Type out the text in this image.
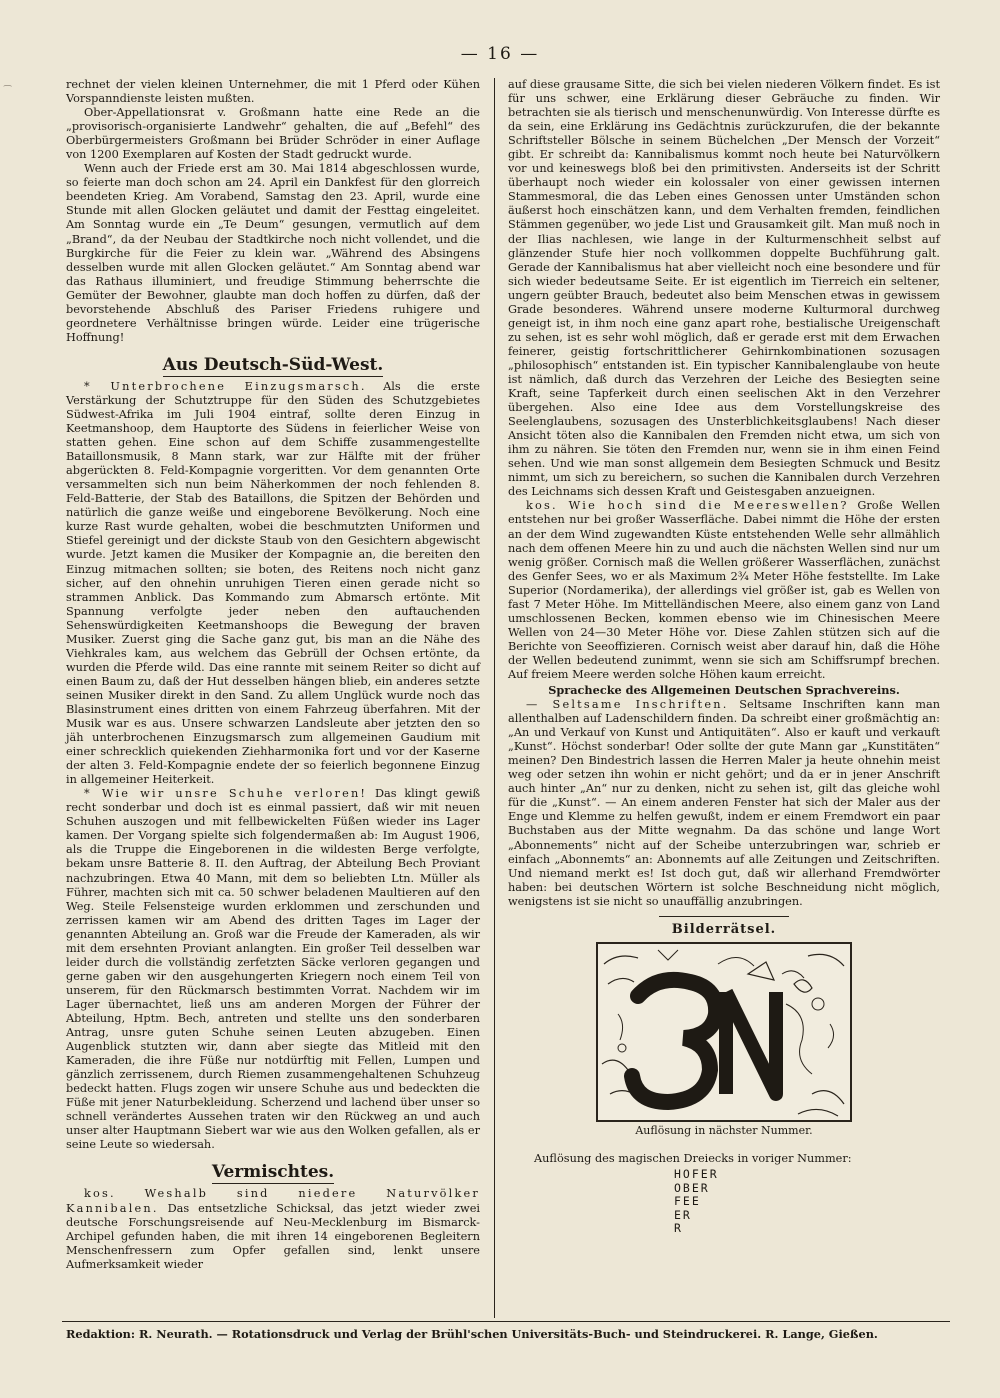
⁀
— 16 —

rechnet der vielen kleinen Unternehmer, die mit 1 Pferd oder Kühen Vorspanndienste leisten mußten.

Ober-Appellationsrat v. Großmann hatte eine Rede an die „provisorisch-organisierte Landwehr“ gehalten, die auf „Befehl“ des Oberbürgermeisters Großmann bei Brüder Schröder in einer Auflage von 1200 Exemplaren auf Kosten der Stadt gedruckt wurde.

Wenn auch der Friede erst am 30. Mai 1814 abgeschlossen wurde, so feierte man doch schon am 24. April ein Dankfest für den glorreich beendeten Krieg. Am Vorabend, Samstag den 23. April, wurde eine Stunde mit allen Glocken geläutet und damit der Festtag eingeleitet. Am Sonntag wurde ein „Te Deum“ gesungen, vermutlich auf dem „Brand“, da der Neubau der Stadtkirche noch nicht vollendet, und die Burgkirche für die Feier zu klein war. „Während des Absingens desselben wurde mit allen Glocken geläutet.“ Am Sonntag abend war das Rathaus illuminiert, und freudige Stimmung beherrschte die Gemüter der Bewohner, glaubte man doch hoffen zu dürfen, daß der bevorstehende Abschluß des Pariser Friedens ruhigere und geordnetere Verhältnisse bringen würde. Leider eine trügerische Hoffnung!

Aus Deutsch-Süd-West.

* Unterbrochene Einzugsmarsch. Als die erste Verstärkung der Schutztruppe für den Süden des Schutzgebietes Südwest-Afrika im Juli 1904 eintraf, sollte deren Einzug in Keetmanshoop, dem Hauptorte des Südens in feierlicher Weise von statten gehen. Eine schon auf dem Schiffe zusammengestellte Bataillonsmusik, 8 Mann stark, war zur Hälfte mit der früher abgerückten 8. Feld-Kompagnie vorgeritten. Vor dem genannten Orte versammelten sich nun beim Näherkommen der noch fehlenden 8. Feld-Batterie, der Stab des Bataillons, die Spitzen der Behörden und natürlich die ganze weiße und eingeborene Bevölkerung. Noch eine kurze Rast wurde gehalten, wobei die beschmutzten Uniformen und Stiefel gereinigt und der dickste Staub von den Gesichtern abgewischt wurde. Jetzt kamen die Musiker der Kompagnie an, die bereiten den Einzug mitmachen sollten; sie boten, des Reitens noch nicht ganz sicher, auf den ohnehin unruhigen Tieren einen gerade nicht so strammen Anblick. Das Kommando zum Abmarsch ertönte. Mit Spannung verfolgte jeder neben den auftauchenden Sehenswürdigkeiten Keetmanshoops die Bewegung der braven Musiker. Zuerst ging die Sache ganz gut, bis man an die Nähe des Viehkrales kam, aus welchem das Gebrüll der Ochsen ertönte, da wurden die Pferde wild. Das eine rannte mit seinem Reiter so dicht auf einen Baum zu, daß der Hut desselben hängen blieb, ein anderes setzte seinen Musiker direkt in den Sand. Zu allem Unglück wurde noch das Blasinstrument eines dritten von einem Fahrzeug überfahren. Mit der Musik war es aus. Unsere schwarzen Landsleute aber jetzten den so jäh unterbrochenen Einzugsmarsch zum allgemeinen Gaudium mit einer schrecklich quiekenden Ziehharmonika fort und vor der Kaserne der alten 3. Feld-Kompagnie endete der so feierlich begonnene Einzug in allgemeiner Heiterkeit.

* Wie wir unsre Schuhe verloren! Das klingt gewiß recht sonderbar und doch ist es einmal passiert, daß wir mit neuen Schuhen auszogen und mit fellbewickelten Füßen wieder ins Lager kamen. Der Vorgang spielte sich folgendermaßen ab: Im August 1906, als die Truppe die Eingeborenen in die wildesten Berge verfolgte, bekam unsre Batterie 8. II. den Auftrag, der Abteilung Bech Proviant nachzubringen. Etwa 40 Mann, mit dem so beliebten Ltn. Müller als Führer, machten sich mit ca. 50 schwer beladenen Maultieren auf den Weg. Steile Felsensteige wurden erklommen und zerschunden und zerrissen kamen wir am Abend des dritten Tages im Lager der genannten Abteilung an. Groß war die Freude der Kameraden, als wir mit dem ersehnten Proviant anlangten. Ein großer Teil desselben war leider durch die vollständig zerfetzten Säcke verloren gegangen und gerne gaben wir den ausgehungerten Kriegern noch einem Teil von unserem, für den Rückmarsch bestimmten Vorrat. Nachdem wir im Lager übernachtet, ließ uns am anderen Morgen der Führer der Abteilung, Hptm. Bech, antreten und stellte uns den sonderbaren Antrag, unsre guten Schuhe seinen Leuten abzugeben. Einen Augenblick stutzten wir, dann aber siegte das Mitleid mit den Kameraden, die ihre Füße nur notdürftig mit Fellen, Lumpen und gänzlich zerrissenem, durch Riemen zusammengehaltenen Schuhzeug bedeckt hatten. Flugs zogen wir unsere Schuhe aus und bedeckten die Füße mit jener Naturbekleidung. Scherzend und lachend über unser so schnell verändertes Aussehen traten wir den Rückweg an und auch unser alter Hauptmann Siebert war wie aus den Wolken gefallen, als er seine Leute so wiedersah.

Vermischtes.

kos. Weshalb sind niedere Naturvölker Kannibalen. Das entsetzliche Schicksal, das jetzt wieder zwei deutsche Forschungsreisende auf Neu-Mecklenburg im Bismarck-Archipel gefunden haben, die mit ihren 14 eingeborenen Begleitern Menschenfressern zum Opfer gefallen sind, lenkt unsere Aufmerksamkeit wieder

auf diese grausame Sitte, die sich bei vielen niederen Völkern findet. Es ist für uns schwer, eine Erklärung dieser Gebräuche zu finden. Wir betrachten sie als tierisch und menschenunwürdig. Von Interesse dürfte es da sein, eine Erklärung ins Gedächtnis zurückzurufen, die der bekannte Schriftsteller Bölsche in seinem Büchelchen „Der Mensch der Vorzeit“ gibt. Er schreibt da: Kannibalismus kommt noch heute bei Naturvölkern vor und keineswegs bloß bei den primitivsten. Anderseits ist der Schritt überhaupt noch wieder ein kolossaler von einer gewissen internen Stammesmoral, die das Leben eines Genossen unter Umständen schon äußerst hoch einschätzen kann, und dem Verhalten fremden, feindlichen Stämmen gegenüber, wo jede List und Grausamkeit gilt. Man muß noch in der Ilias nachlesen, wie lange in der Kulturmenschheit selbst auf glänzender Stufe hier noch vollkommen doppelte Buchführung galt. Gerade der Kannibalismus hat aber vielleicht noch eine besondere und für sich wieder bedeutsame Seite. Er ist eigentlich im Tierreich ein seltener, ungern geübter Brauch, bedeutet also beim Menschen etwas in gewissem Grade besonderes. Während unsere moderne Kulturmoral durchweg geneigt ist, in ihm noch eine ganz apart rohe, bestialische Ureigenschaft zu sehen, ist es sehr wohl möglich, daß er gerade erst mit dem Erwachen feinerer, geistig fortschrittlicherer Gehirnkombinationen sozusagen „philosophisch“ entstanden ist. Ein typischer Kannibalenglaube von heute ist nämlich, daß durch das Verzehren der Leiche des Besiegten seine Kraft, seine Tapferkeit durch einen seelischen Akt in den Verzehrer übergehen. Also eine Idee aus dem Vorstellungskreise des Seelenglaubens, sozusagen des Unsterblichkeitsglaubens! Nach dieser Ansicht töten also die Kannibalen den Fremden nicht etwa, um sich von ihm zu nähren. Sie töten den Fremden nur, wenn sie in ihm einen Feind sehen. Und wie man sonst allgemein dem Besiegten Schmuck und Besitz nimmt, um sich zu bereichern, so suchen die Kannibalen durch Verzehren des Leichnams sich dessen Kraft und Geistesgaben anzueignen.

kos. Wie hoch sind die Meereswellen? Große Wellen entstehen nur bei großer Wasserfläche. Dabei nimmt die Höhe der ersten an der dem Wind zugewandten Küste entstehenden Welle sehr allmählich nach dem offenen Meere hin zu und auch die nächsten Wellen sind nur um wenig größer. Cornisch maß die Wellen größerer Wasserflächen, zunächst des Genfer Sees, wo er als Maximum 2¾ Meter Höhe feststellte. Im Lake Superior (Nordamerika), der allerdings viel größer ist, gab es Wellen von fast 7 Meter Höhe. Im Mittelländischen Meere, also einem ganz von Land umschlossenen Becken, kommen ebenso wie im Chinesischen Meere Wellen von 24—30 Meter Höhe vor. Diese Zahlen stützen sich auf die Berichte von Seeoffizieren. Cornisch weist aber darauf hin, daß die Höhe der Wellen bedeutend zunimmt, wenn sie sich am Schiffsrumpf brechen. Auf freiem Meere werden solche Höhen kaum erreicht.

Sprachecke des Allgemeinen Deutschen Sprachvereins.

— Seltsame Inschriften. Seltsame Inschriften kann man allenthalben auf Ladenschildern finden. Da schreibt einer großmächtig an: „An und Verkauf von Kunst und Antiquitäten“. Also er kauft und verkauft „Kunst“. Höchst sonderbar! Oder sollte der gute Mann gar „Kunstitäten“ meinen? Den Bindestrich lassen die Herren Maler ja heute ohnehin meist weg oder setzen ihn wohin er nicht gehört; und da er in jener Anschrift auch hinter „An“ nur zu denken, nicht zu sehen ist, gilt das gleiche wohl für die „Kunst“. — An einem anderen Fenster hat sich der Maler aus der Enge und Klemme zu helfen gewußt, indem er einem Fremdwort ein paar Buchstaben aus der Mitte wegnahm. Da das schöne und lange Wort „Abonnements“ nicht auf der Scheibe unterzubringen war, schrieb er einfach „Abonnemts“ an: Abonnemts auf alle Zeitungen und Zeitschriften. Und niemand merkt es! Ist doch gut, daß wir allerhand Fremdwörter haben: bei deutschen Wörtern ist solche Beschneidung nicht möglich, wenigstens ist sie nicht so unauffällig anzubringen.

Bilderrätsel.
Auflösung in nächster Nummer.

Auflösung des magischen Dreiecks in voriger Nummer:

HOFER
OBER
FEE
ER
R
Redaktion: R. Neurath. — Rotationsdruck und Verlag der Brühl'schen Universitäts-Buch- und Steindruckerei. R. Lange, Gießen.
